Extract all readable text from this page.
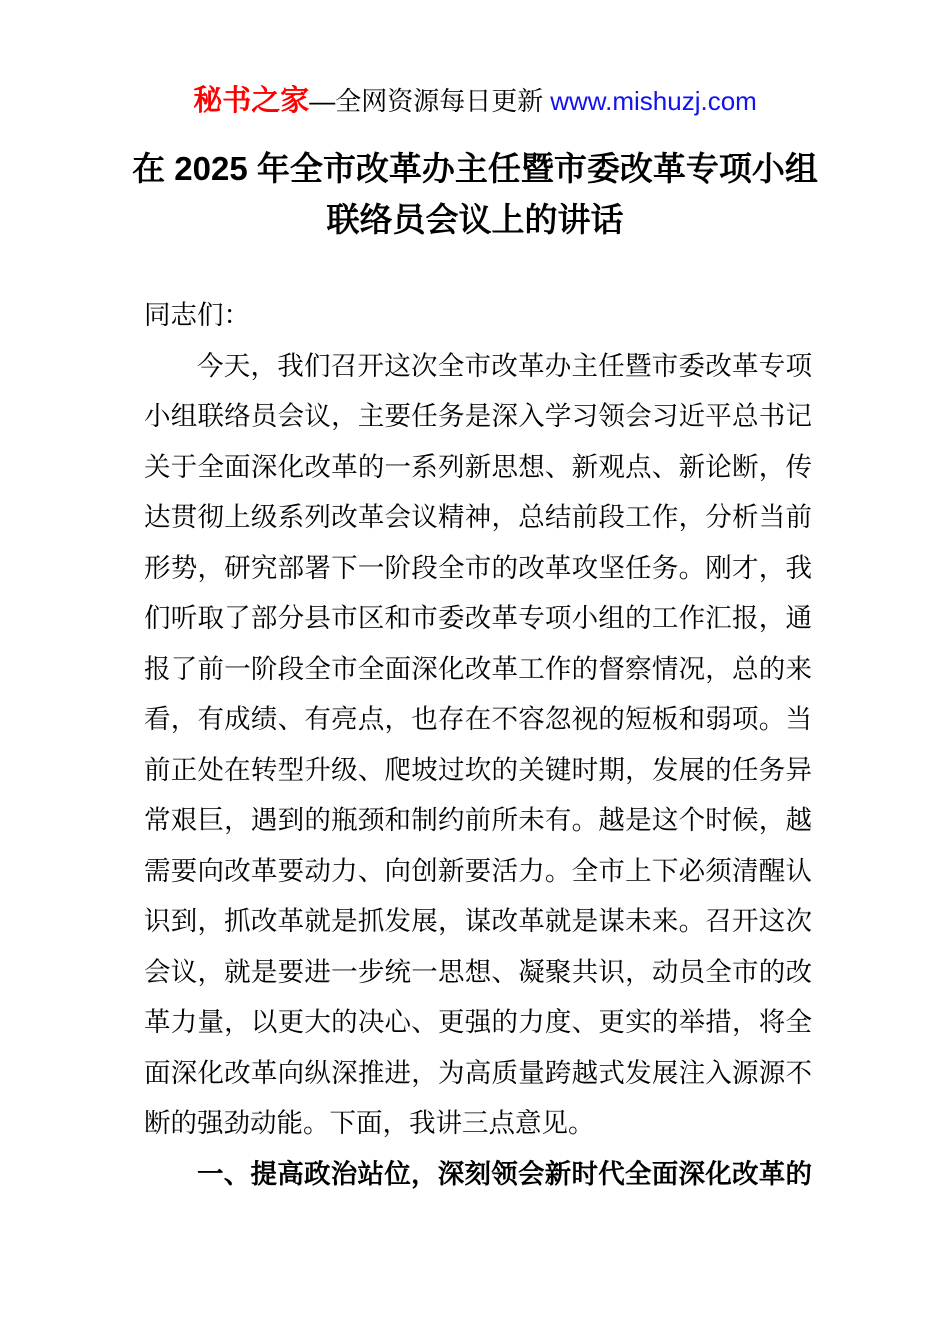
秘书之家—全网资源每日更新 www.mishuzj.com
在 2025 年全市改革办主任暨市委改革专项小组
联络员会议上的讲话
同志们：
今天，我们召开这次全市改革办主任暨市委改革专项
小组联络员会议，主要任务是深入学习领会习近平总书记
关于全面深化改革的一系列新思想、新观点、新论断，传
达贯彻上级系列改革会议精神，总结前段工作，分析当前
形势，研究部署下一阶段全市的改革攻坚任务。刚才，我
们听取了部分县市区和市委改革专项小组的工作汇报，通
报了前一阶段全市全面深化改革工作的督察情况，总的来
看，有成绩、有亮点，也存在不容忽视的短板和弱项。当
前正处在转型升级、爬坡过坎的关键时期，发展的任务异
常艰巨，遇到的瓶颈和制约前所未有。越是这个时候，越
需要向改革要动力、向创新要活力。全市上下必须清醒认
识到，抓改革就是抓发展，谋改革就是谋未来。召开这次
会议，就是要进一步统一思想、凝聚共识，动员全市的改
革力量，以更大的决心、更强的力度、更实的举措，将全
面深化改革向纵深推进，为高质量跨越式发展注入源源不
断的强劲动能。下面，我讲三点意见。
一、提高政治站位，深刻领会新时代全面深化改革的
